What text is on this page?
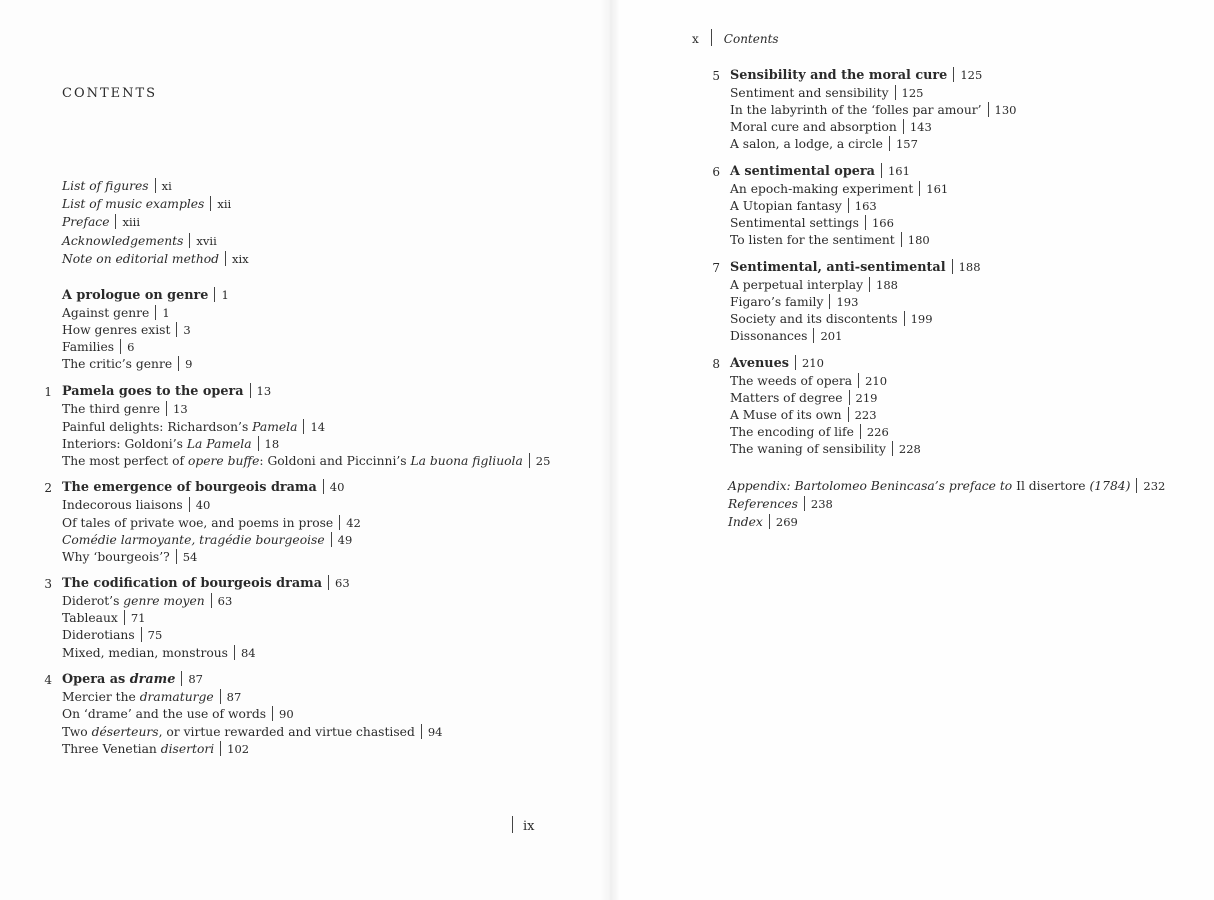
CONTENTS
List of figures xi
List of music examples xii
Preface xiii
Acknowledgements xvii
Note on editorial method xix
A prologue on genre 1
Against genre 1
How genres exist 3
Families 6
The critic’s genre 9
1 Pamela goes to the opera 13
The third genre 13
Painful delights: Richardson’s Pamela 14
Interiors: Goldoni’s La Pamela 18
The most perfect of opere buffe: Goldoni and Piccinni’s La buona figliuola 25
2 The emergence of bourgeois drama 40
Indecorous liaisons 40
Of tales of private woe, and poems in prose 42
Comédie larmoyante, tragédie bourgeoise 49
Why ‘bourgeois’? 54
3 The codification of bourgeois drama 63
Diderot’s genre moyen 63
Tableaux 71
Diderotians 75
Mixed, median, monstrous 84
4 Opera as drame 87
Mercier the dramaturge 87
On ‘drame’ and the use of words 90
Two déserteurs, or virtue rewarded and virtue chastised 94
Three Venetian disertori 102
ix
x Contents
5 Sensibility and the moral cure 125
Sentiment and sensibility 125
In the labyrinth of the ‘folles par amour’ 130
Moral cure and absorption 143
A salon, a lodge, a circle 157
6 A sentimental opera 161
An epoch-making experiment 161
A Utopian fantasy 163
Sentimental settings 166
To listen for the sentiment 180
7 Sentimental, anti-sentimental 188
A perpetual interplay 188
Figaro’s family 193
Society and its discontents 199
Dissonances 201
8 Avenues 210
The weeds of opera 210
Matters of degree 219
A Muse of its own 223
The encoding of life 226
The waning of sensibility 228
Appendix: Bartolomeo Benincasa’s preface to Il disertore (1784) 232
References 238
Index 269
